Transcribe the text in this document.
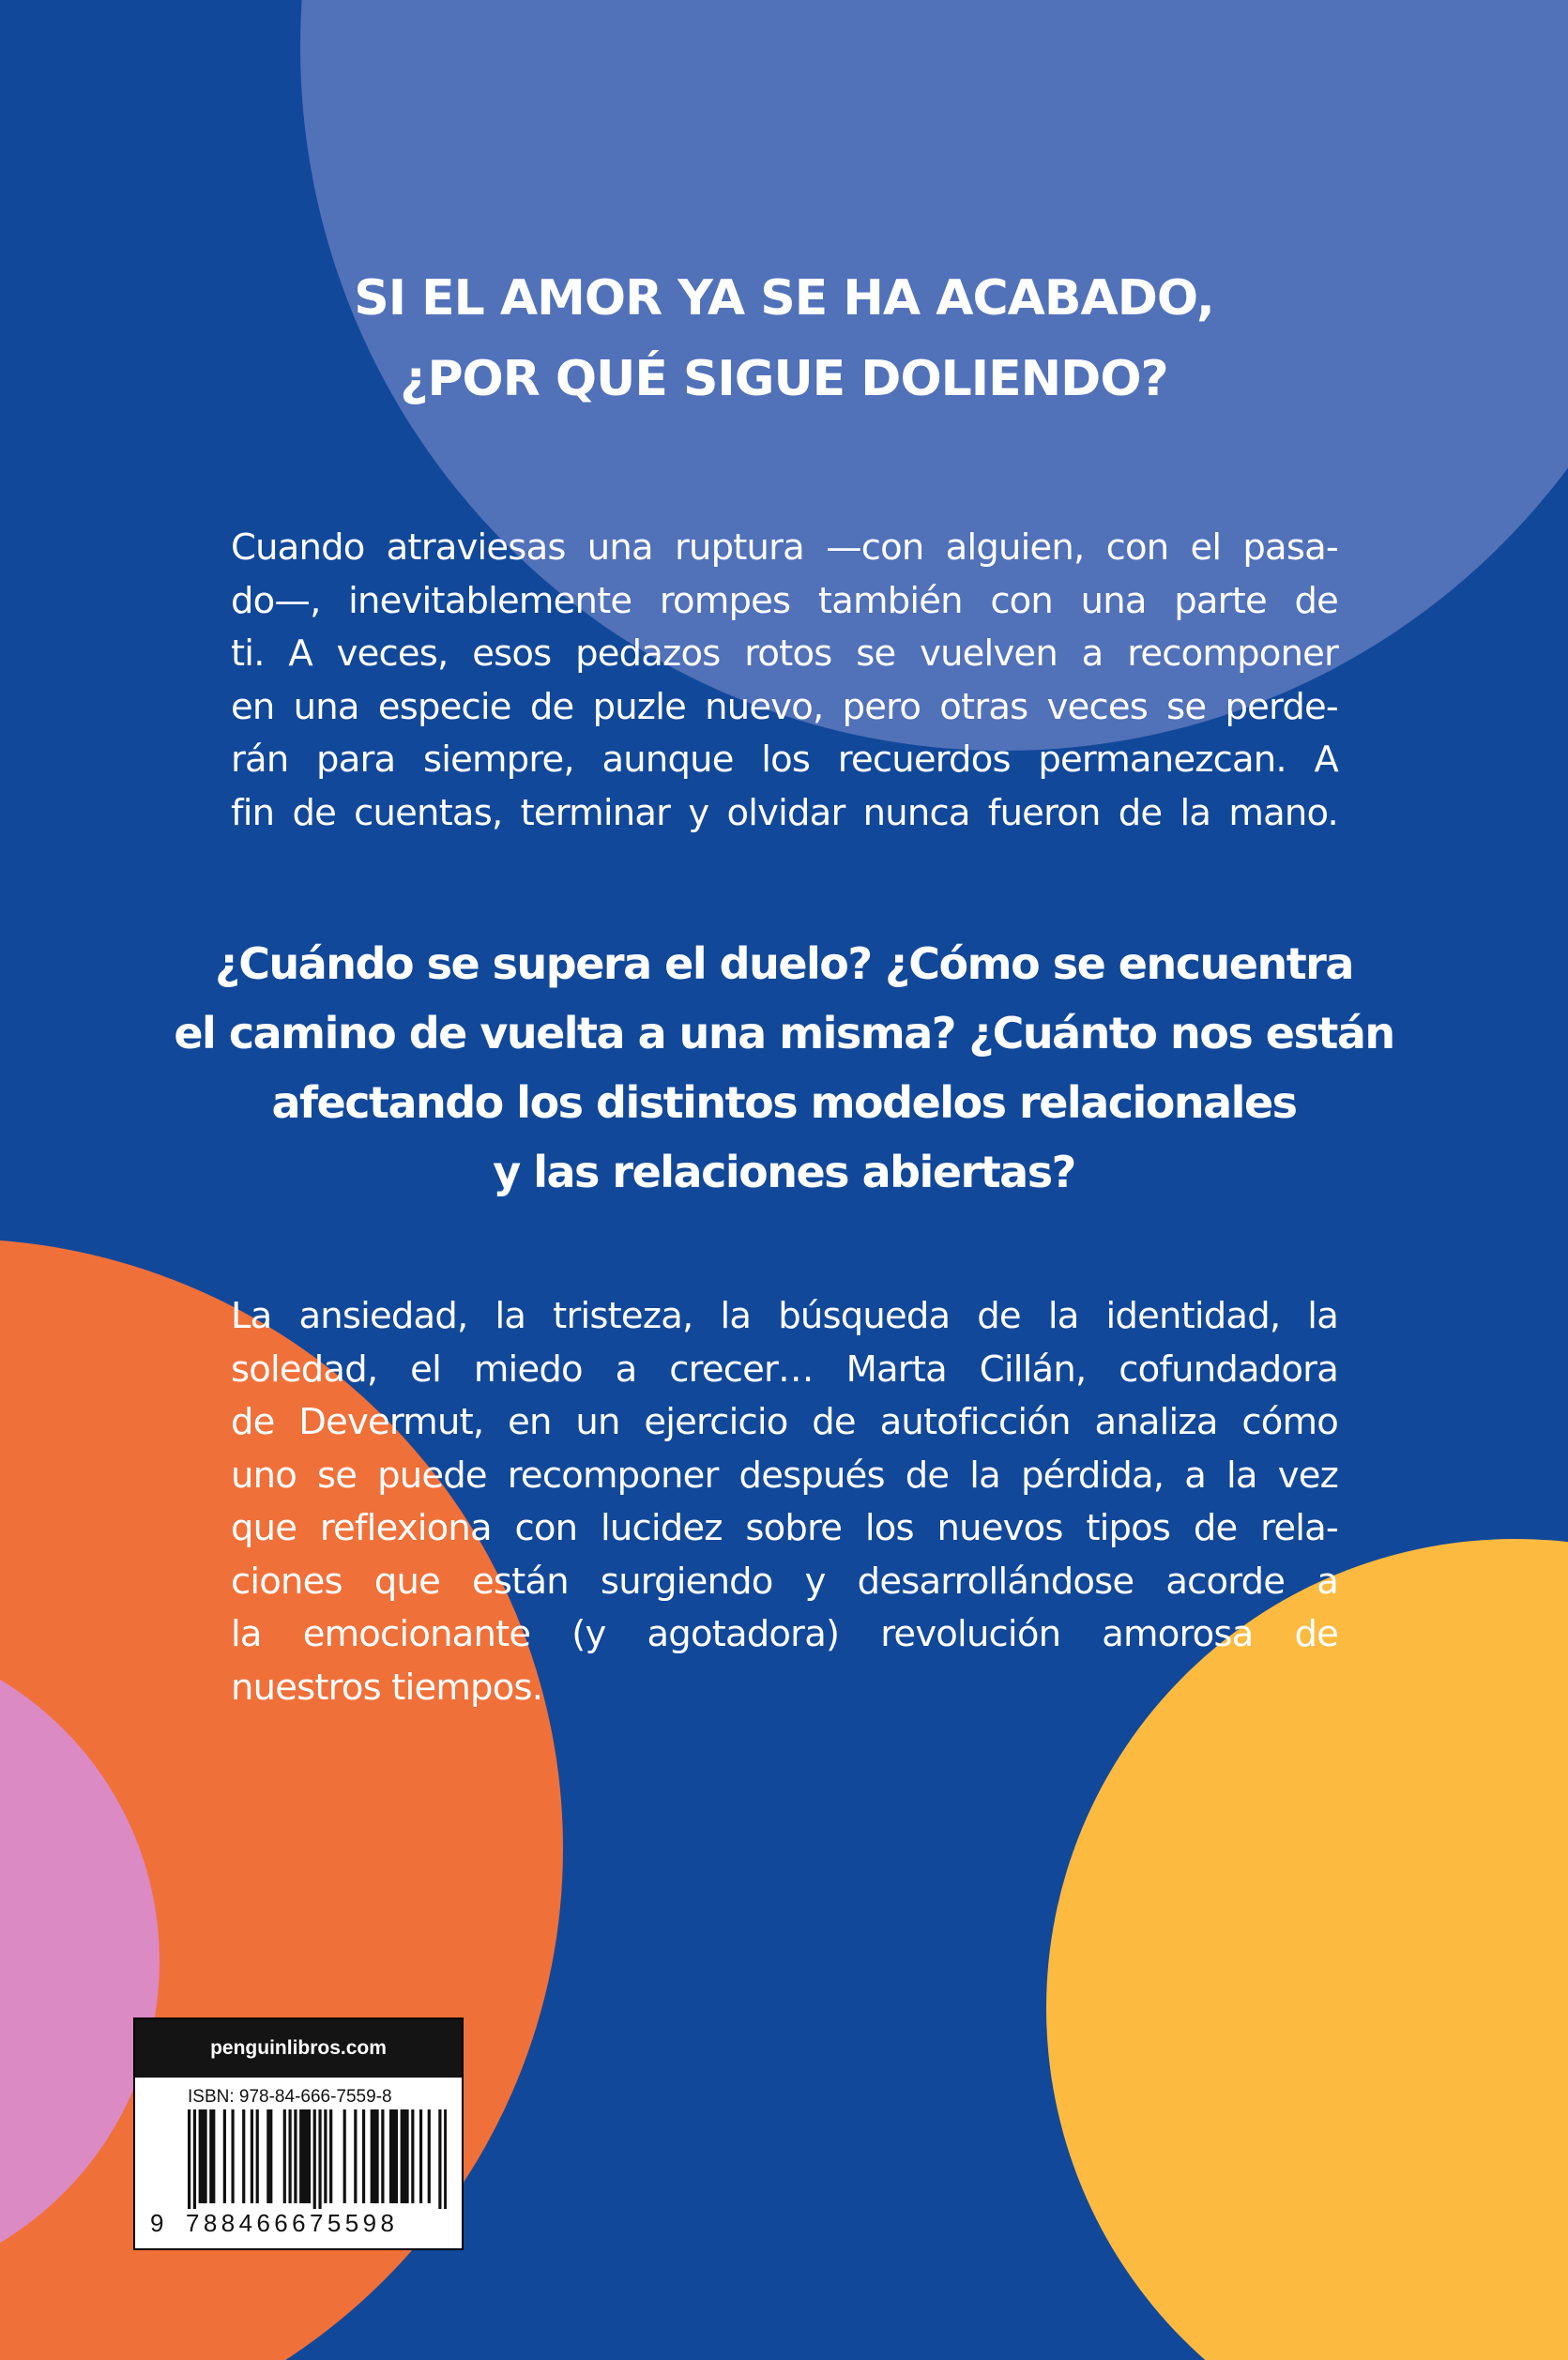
SI EL AMOR YA SE HA ACABADO,
¿POR QUÉ SIGUE DOLIENDO?

Cuando atraviesas una ruptura —con alguien, con el pasa-
do—, inevitablemente rompes también con una parte de
ti. A veces, esos pedazos rotos se vuelven a recomponer
en una especie de puzle nuevo, pero otras veces se perde-
rán para siempre, aunque los recuerdos permanezcan. A
fin de cuentas, terminar y olvidar nunca fueron de la mano.

¿Cuándo se supera el duelo? ¿Cómo se encuentra
el camino de vuelta a una misma? ¿Cuánto nos están
afectando los distintos modelos relacionales
y las relaciones abiertas?

La ansiedad, la tristeza, la búsqueda de la identidad, la
soledad, el miedo a crecer… Marta Cillán, cofundadora
de Devermut, en un ejercicio de autoficción analiza cómo
uno se puede recomponer después de la pérdida, a la vez
que reflexiona con lucidez sobre los nuevos tipos de rela-
ciones que están surgiendo y desarrollándose acorde a
la emocionante (y agotadora) revolución amorosa de
nuestros tiempos.

penguinlibros.com
ISBN: 978-84-666-7559-8
9 788466675598
